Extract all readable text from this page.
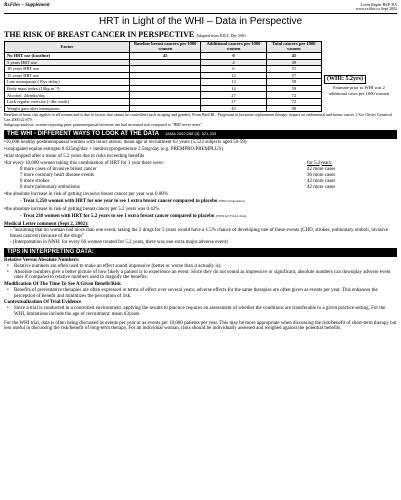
RxFiles – Supplement	Loren Regier BSP, BA
www.rxfiles.ca Sept 2002
HRT in Light of the WHI – Data in Perspective
THE RISK OF BREAST CANCER IN PERSPECTIVE Adapted from JOGC Dec 2001
Factor	Baseline breast cancers per 1000 women	Additional cancers per 1000 women	Total cancers per 1000 women
No HRT use (baseline)	45	0	45
5 years HRT use		4	49
10 years HRT use		6	51
15 years HRT use		12	57
Late menopause (10yr delay)		13	58
Body mass index (10kg m⁻²)		14	59
Alcohol: 2drinks/day		27	72
Lack regular exercise (<4hr week)		27	72
Weight gain after menopause		45	90
(WHI: 5.2yrs)
Estimate prior to WHI was 2 additional cases per 1000 women
Baseline or basic risk applies to all women and is due to factors that cannot be controlled (such as aging and gender). From Reid RL. Progestins in hormone replacement therapy: impact on endometrial and breast cancer. J Soc Obstet Gynaecol Can 2000;22:679.
Subgroup analysis: women reporting prior postmenopausal hormone use had increased risk compared to "HRT never users"
THE WHI - DIFFERENT WAYS TO LOOK AT THE DATA JAMA 2002;288 (3): 321-333
•16,608 healthy postmenopausal women with intact uterus; mean age at recruitment 63 years (5,522 subjects aged 50-59)
•conjugated equine estrogen 0.625mg/day + medroxyprogesterone 2.5mg/day (e.g. PREMPRO/PREMPLUS)
•trial stopped after a mean of 5.2 years due to risks exceeding benefits
•for every 10,000 women taking this combination of HRT for 1 year there were:	for 5.2years:
8 more cases of invasive breast cancer	42 more cases
7 more coronary heart disease events	36 more cases
8 more strokes	42 more cases
8 more pulmonary embolisms	42 more cases
•the absolute increase in risk of getting invasive breast cancer per year was 0.08%
- Treat 1,250 women with HRT for one year to see 1 extra breast cancer compared to placebo WHI extrapolation
•the absolute increase in risk of getting breast cancer per 5.2 years was 0.42%
- Treat 238 women with HRT for 5.2 years to see 1 extra breast cancer compared to placebo (WHI ACTUAL data)
Medical Letter comment (Sept 2, 2002):
- "assuming that no woman had more than one event, taking the 2 drugs for 5 years would have a 1.5% chance of developing one of these events (CHD, strokes, pulmonary emboli, invasive breast cancers) because of the drugs"
- (Interpretation in NNH: for every 66 women treated for 5.2 years, there was one extra major adverse event)
TIPS IN INTERPRETING DATA:
Relative Versus Absolute Numbers:
• Relative numbers are often used to make an effect sound impressive (better or worse than it actually is).
• Absolute numbers give a better picture of how likely a patient is to experience an event. Since they do not sound as impressive or significant, absolute numbers can downplay adverse event rates if compared to relative numbers used to magnify the benefits.
Modification Of The Time To See A Given Benefit/Risk
• Benefits of preventative therapies are often expressed in terms of effect over several years; adverse effects for the same therapies are often given as events per year. This enhances the perception of benefit and minimizes the perception of risk.
Contextualization Of Trial Evidence
• Since a trial is conducted in a controlled environment, applying the results to practice requires an assessment of whether the conditions are transferable to a given practice setting. For the WHI, limitations include the age of recruitment: mean 63years.
For the WHI trial, data is often being discussed as events per year or as events per 10,000 patients per year. This may be more appropriate when discussing the risk/benefit of short-term therapy but less useful in discussing the risk/benefit of long-term therapy. For an individual woman, risks should be individually assessed and weighed against the potential benefits.
